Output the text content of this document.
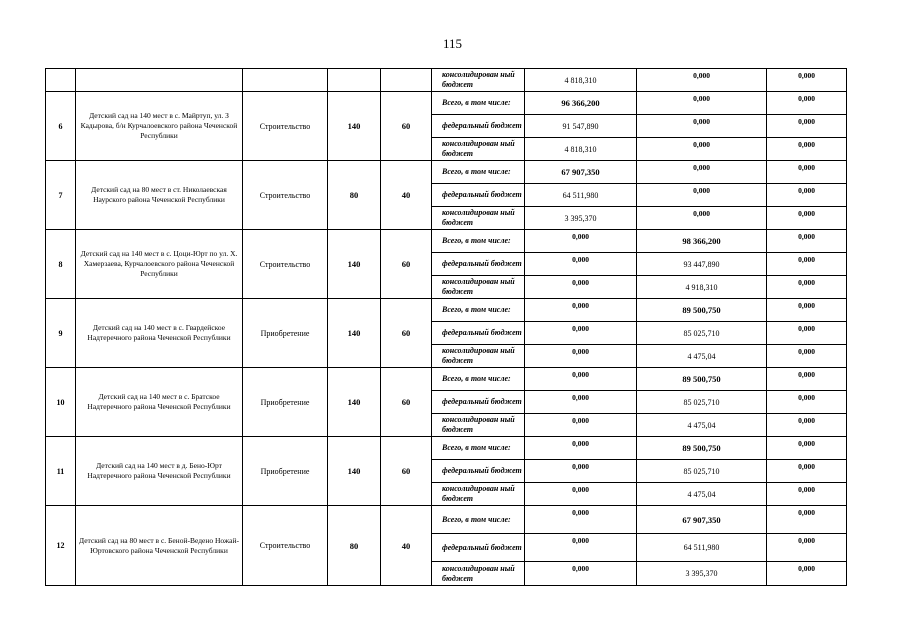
115
					консолидирован ный бюджет	4 818,310	0,000	0,000
6	Детский сад на 140 мест в с. Майртуп, ул. З Кадырова, б/н Курчалоевского района Чеченской Республики	Строительство	140	60	Всего, в том числе:	96 366,200	0,000	0,000
					федеральный бюджет	91 547,890	0,000	0,000
					консолидирован ный бюджет	4 818,310	0,000	0,000
7	Детский сад на 80 мест в ст. Николаевская Наурского района Чеченской Республики	Строительство	80	40	Всего, в том числе:	67 907,350	0,000	0,000
					федеральный бюджет	64 511,980	0,000	0,000
					консолидирован ный бюджет	3 395,370	0,000	0,000
8	Детский сад на 140 мест в с. Цоци-Юрт по ул. Х. Хамерзаева, Курчалоевского района Чеченской Республики	Строительство	140	60	Всего, в том числе:	0,000	98 366,200	0,000
					федеральный бюджет	0,000	93 447,890	0,000
					консолидирован ный бюджет	0,000	4 918,310	0,000
9	Детский сад на 140 мест в с. Гвардейское Надтеречного района Чеченской Республики	Приобретение	140	60	Всего, в том числе:	0,000	89 500,750	0,000
					федеральный бюджет	0,000	85 025,710	0,000
					консолидирован ный бюджет	0,000	4 475,04	0,000
10	Детский сад на 140 мест в с. Братское Надтеречного района Чеченской Республики	Приобретение	140	60	Всего, в том числе:	0,000	89 500,750	0,000
					федеральный бюджет	0,000	85 025,710	0,000
					консолидирован ный бюджет	0,000	4 475,04	0,000
11	Детский сад на 140 мест в д. Бено-Юрт Надтеречного района Чеченской Республики	Приобретение	140	60	Всего, в том числе:	0,000	89 500,750	0,000
					федеральный бюджет	0,000	85 025,710	0,000
					консолидирован ный бюджет	0,000	4 475,04	0,000
12	Детский сад на 80 мест в с. Беной-Ведено Ножай- Юртовского района Чеченской Республики	Строительство	80	40	Всего, в том числе:	0,000	67 907,350	0,000
					федеральный бюджет	0,000	64 511,980	0,000
					консолидирован ный бюджет	0,000	3 395,370	0,000
